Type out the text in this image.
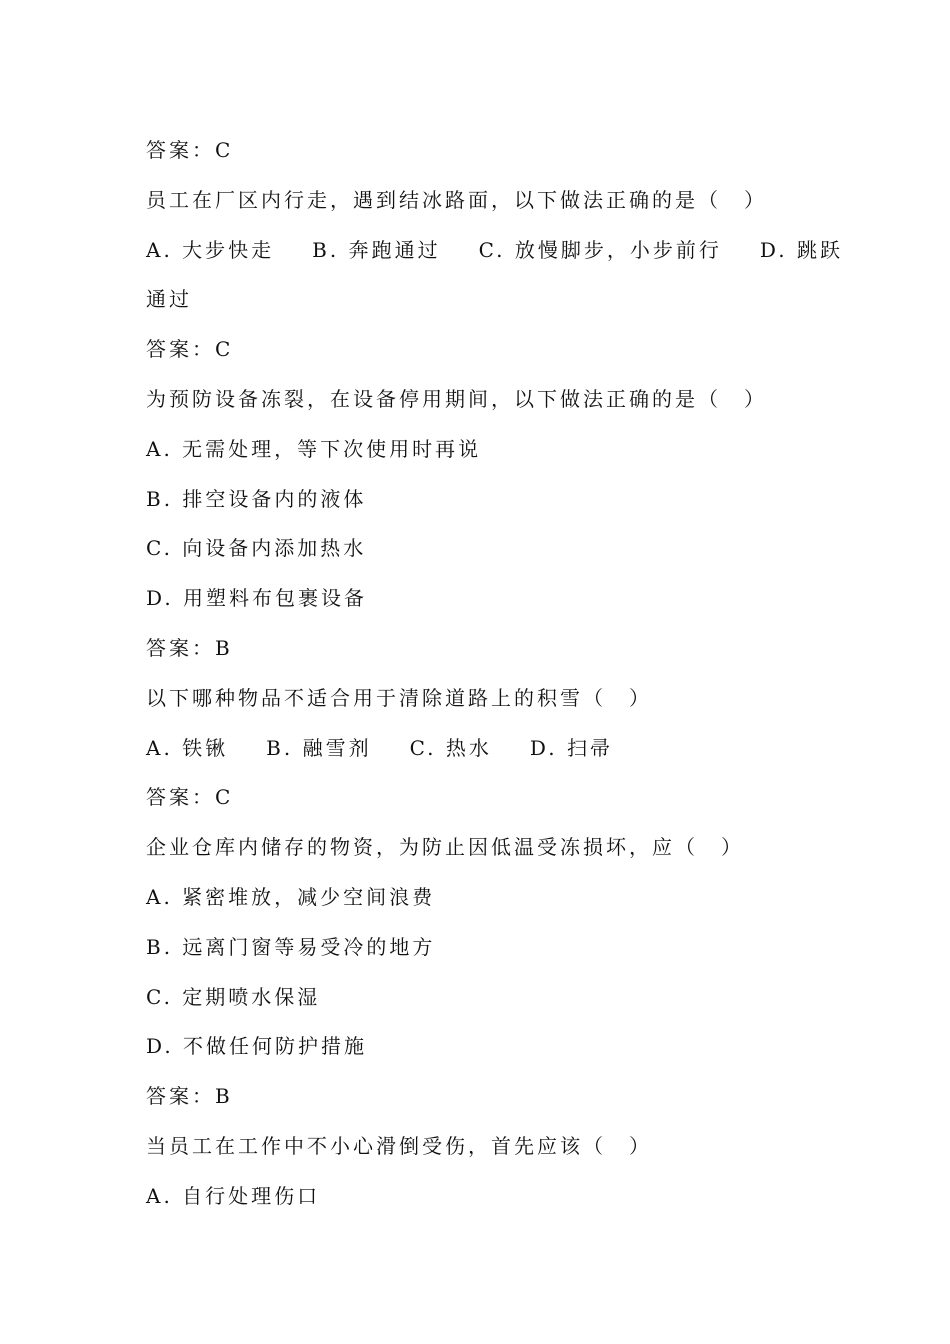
答案：C
员工在厂区内行走，遇到结冰路面，以下做法正确的是（　）
A. 大步快走 B. 奔跑通过 C. 放慢脚步，小步前行 D. 跳跃
通过
答案：C
为预防设备冻裂，在设备停用期间，以下做法正确的是（　）
A. 无需处理，等下次使用时再说
B. 排空设备内的液体
C. 向设备内添加热水
D. 用塑料布包裹设备
答案：B
以下哪种物品不适合用于清除道路上的积雪（　）
A. 铁锹 B. 融雪剂 C. 热水 D. 扫帚
答案：C
企业仓库内储存的物资，为防止因低温受冻损坏，应（　）
A. 紧密堆放，减少空间浪费
B. 远离门窗等易受冷的地方
C. 定期喷水保湿
D. 不做任何防护措施
答案：B
当员工在工作中不小心滑倒受伤，首先应该（　）
A. 自行处理伤口
